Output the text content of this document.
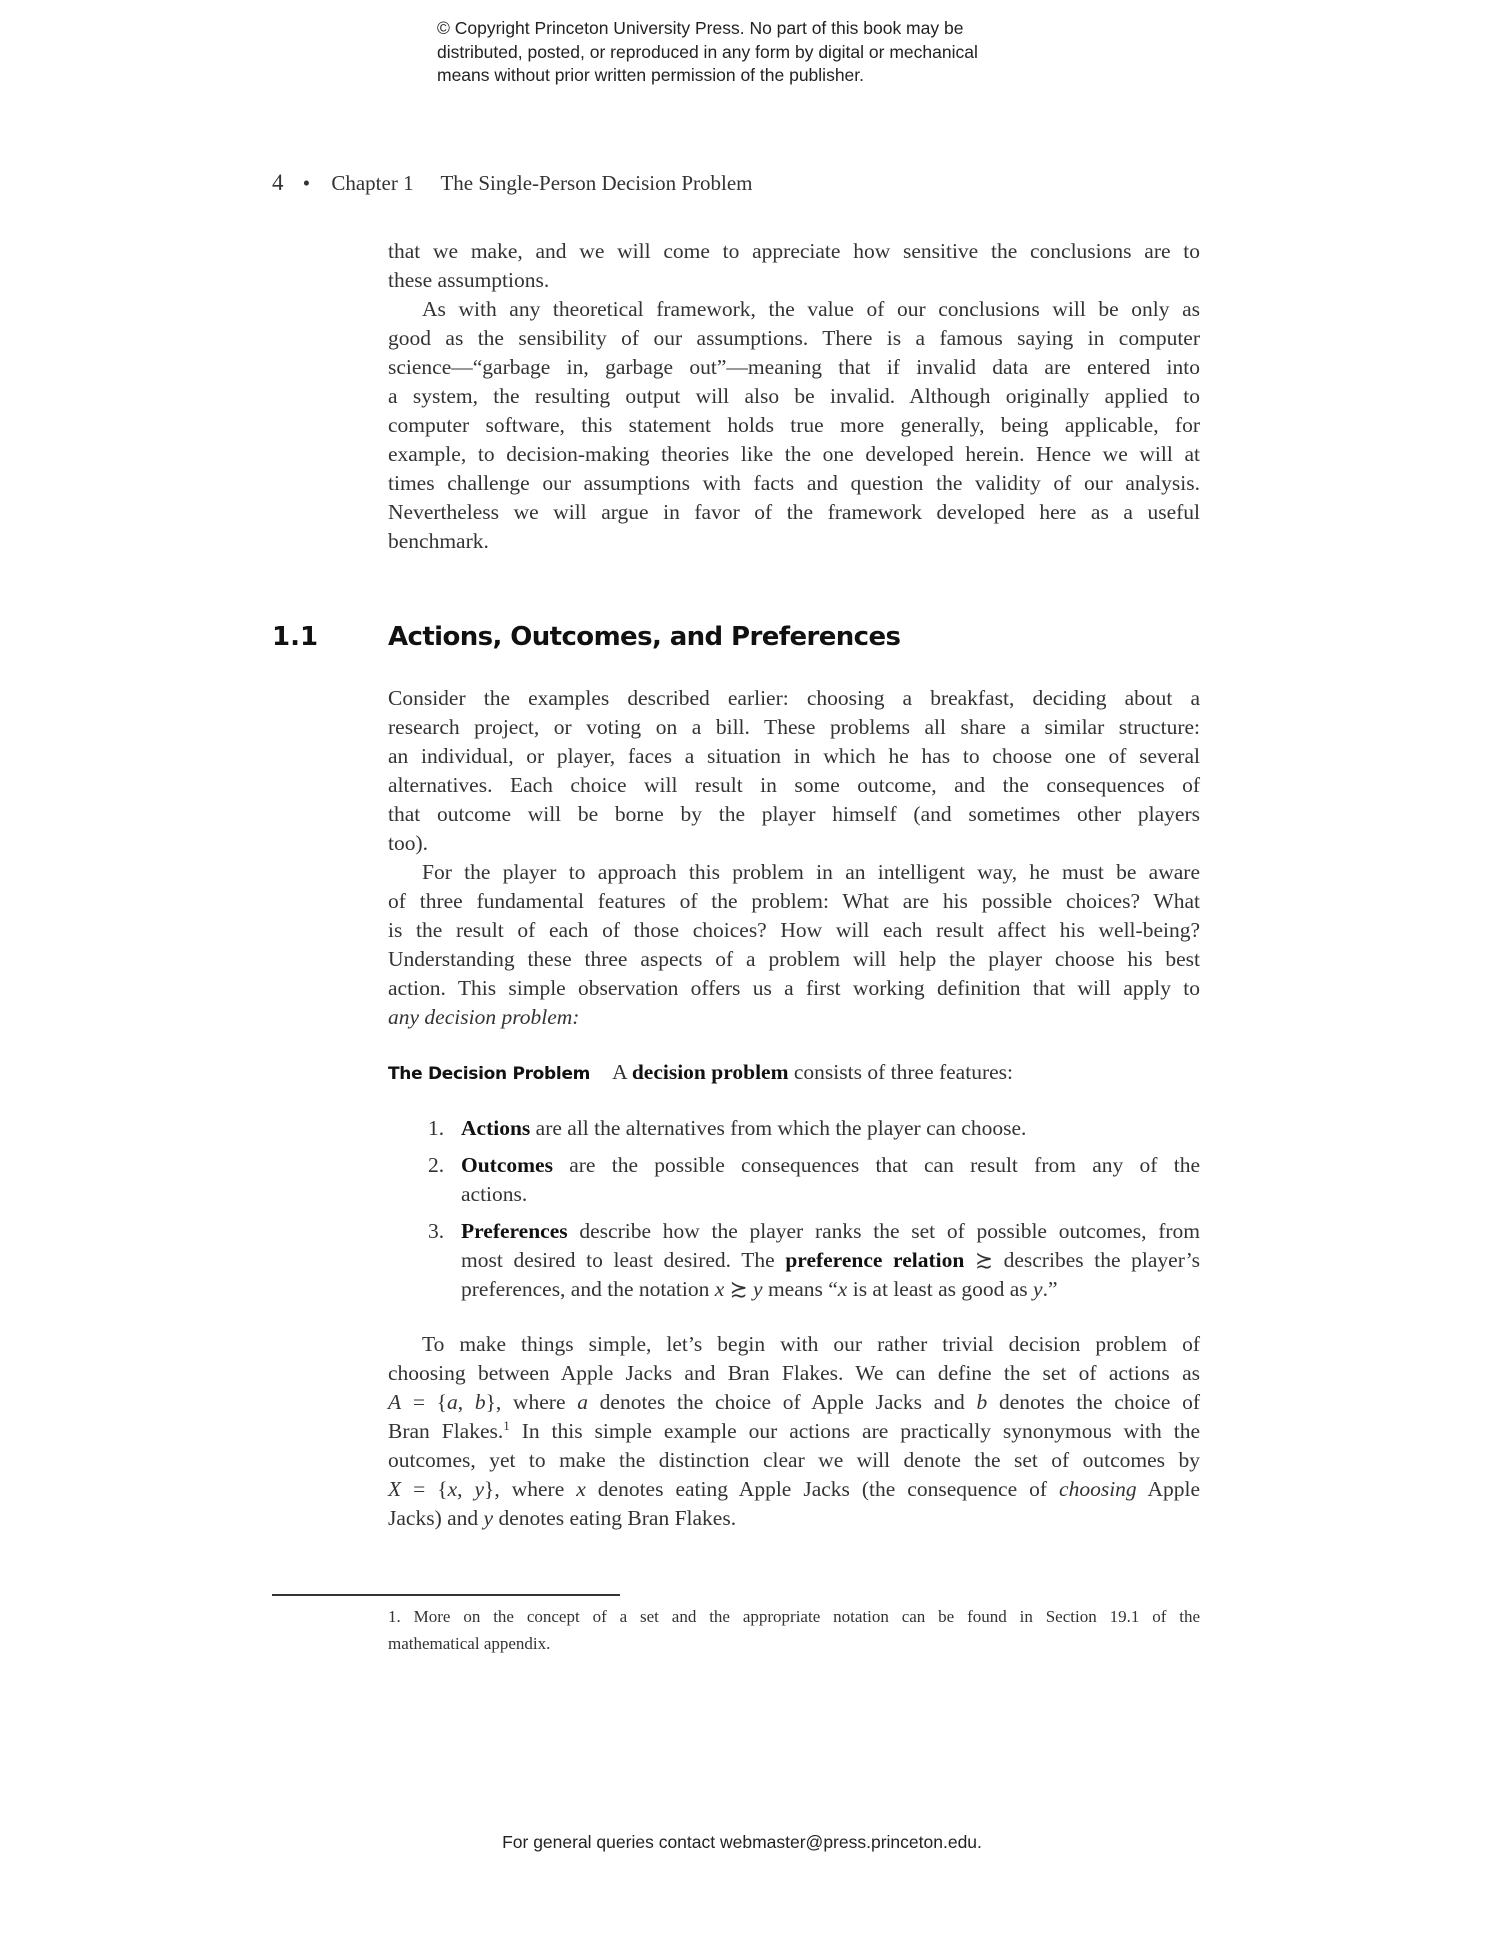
© Copyright Princeton University Press. No part of this book may be
distributed, posted, or reproduced in any form by digital or mechanical
means without prior written permission of the publisher.
4 • Chapter 1 The Single-Person Decision Problem
that we make, and we will come to appreciate how sensitive the conclusions are to
these assumptions.
As with any theoretical framework, the value of our conclusions will be only as
good as the sensibility of our assumptions. There is a famous saying in computer
science—“garbage in, garbage out”—meaning that if invalid data are entered into
a system, the resulting output will also be invalid. Although originally applied to
computer software, this statement holds true more generally, being applicable, for
example, to decision-making theories like the one developed herein. Hence we will at
times challenge our assumptions with facts and question the validity of our analysis.
Nevertheless we will argue in favor of the framework developed here as a useful
benchmark.
1.1	Actions, Outcomes, and Preferences
Consider the examples described earlier: choosing a breakfast, deciding about a
research project, or voting on a bill. These problems all share a similar structure:
an individual, or player, faces a situation in which he has to choose one of several
alternatives. Each choice will result in some outcome, and the consequences of
that outcome will be borne by the player himself (and sometimes other players
too).
For the player to approach this problem in an intelligent way, he must be aware
of three fundamental features of the problem: What are his possible choices? What
is the result of each of those choices? How will each result affect his well-being?
Understanding these three aspects of a problem will help the player choose his best
action. This simple observation offers us a first working definition that will apply to
any decision problem:
The Decision Problem A decision problem consists of three features:
1. Actions are all the alternatives from which the player can choose.
2. Outcomes are the possible consequences that can result from any of the
actions.
3. Preferences describe how the player ranks the set of possible outcomes, from
most desired to least desired. The preference relation ≿ describes the player’s
preferences, and the notation x ≿ y means “x is at least as good as y.”
To make things simple, let’s begin with our rather trivial decision problem of
choosing between Apple Jacks and Bran Flakes. We can define the set of actions as
A = {a, b}, where a denotes the choice of Apple Jacks and b denotes the choice of
Bran Flakes.$^1$ In this simple example our actions are practically synonymous with the
outcomes, yet to make the distinction clear we will denote the set of outcomes by
X = {x, y}, where x denotes eating Apple Jacks (the consequence of choosing Apple
Jacks) and y denotes eating Bran Flakes.
1. More on the concept of a set and the appropriate notation can be found in Section 19.1 of the
mathematical appendix.
For general queries contact webmaster@press.princeton.edu.
